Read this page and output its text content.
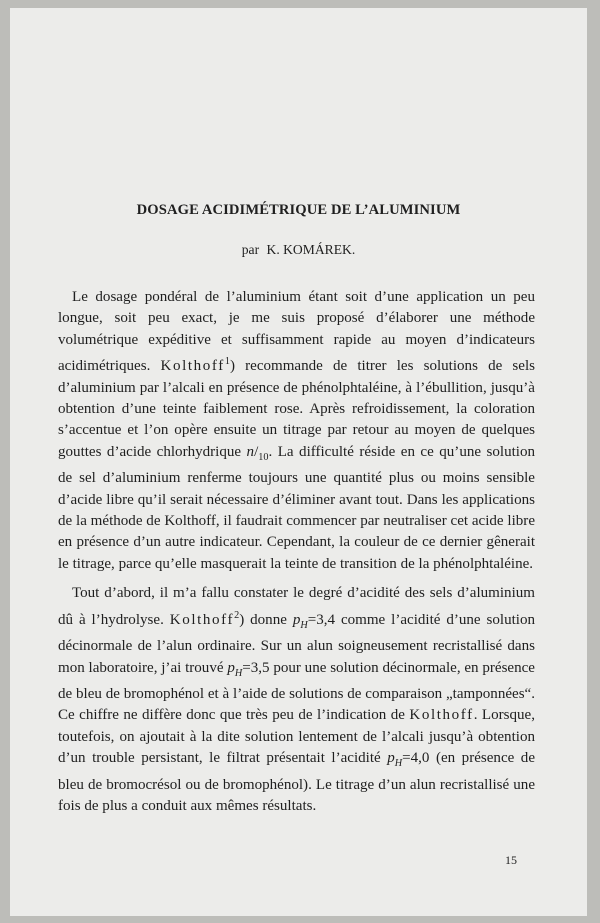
DOSAGE ACIDIMÉTRIQUE DE L’ALUMINIUM
par K. KOMÁREK.

Le dosage pondéral de l’aluminium étant soit d’une application un peu longue, soit peu exact, je me suis proposé d’élaborer une méthode volumétrique expéditive et suffisamment rapide au moyen d’indicateurs acidimétriques. Kolthoff$^1$) recommande de titrer les solutions de sels d’aluminium par l’alcali en présence de phénolphtaléine, à l’ébullition, jusqu’à obtention d’une teinte faiblement rose. Après refroidissement, la coloration s’accentue et l’on opère ensuite un titrage par retour au moyen de quelques gouttes d’acide chlorhydrique $n/_{10}$. La difficulté réside en ce qu’une solution de sel d’aluminium renferme toujours une quantité plus ou moins sensible d’acide libre qu’il serait nécessaire d’éliminer avant tout. Dans les applications de la méthode de Kolthoff, il faudrait commencer par neutraliser cet acide libre en présence d’un autre indicateur. Cependant, la couleur de ce dernier gênerait le titrage, parce qu’elle masquerait la teinte de transition de la phénolphtaléine.

Tout d’abord, il m’a fallu constater le degré d’acidité des sels d’aluminium dû à l’hydrolyse. Kolthoff$^2$) donne $p_H=3,4$ comme l’acidité d’une solution décinormale de l’alun ordinaire. Sur un alun soigneusement recristallisé dans mon laboratoire, j’ai trouvé $p_H=3,5$ pour une solution décinormale, en présence de bleu de bromophénol et à l’aide de solutions de comparaison „tamponnées“. Ce chiffre ne diffère donc que très peu de l’indication de Kolthoff. Lorsque, toutefois, on ajoutait à la dite solution lentement de l’alcali jusqu’à obtention d’un trouble persistant, le filtrat présentait l’acidité $p_H=4,0$ (en présence de bleu de bromocrésol ou de bromophénol). Le titrage d’un alun recristallisé une fois de plus a conduit aux mêmes résultats.

15
